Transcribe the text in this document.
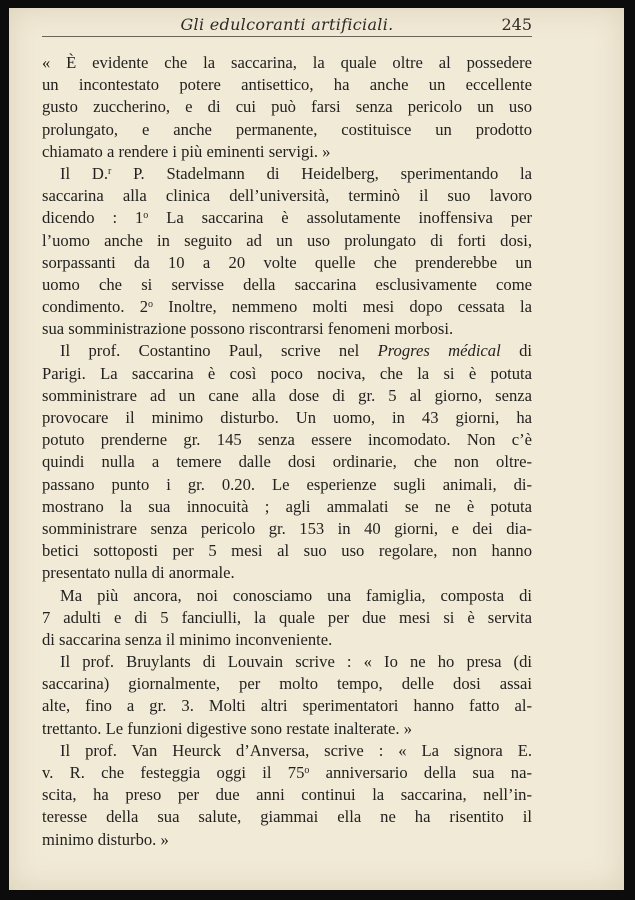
Gli edulcoranti artificiali.	245
« È evidente che la saccarina, la quale oltre al possedere
un incontestato potere antisettico, ha anche un eccellente
gusto zuccherino, e di cui può farsi senza pericolo un uso
prolungato, e anche permanente, costituisce un prodotto
chiamato a rendere i più eminenti servigi. »
Il D.$^r$ P. Stadelmann di Heidelberg, sperimentando la
saccarina alla clinica dell’università, terminò il suo lavoro
dicendo : 1$^o$ La saccarina è assolutamente inoffensiva per
l’uomo anche in seguito ad un uso prolungato di forti dosi,
sorpassanti da 10 a 20 volte quelle che prenderebbe un
uomo che si servisse della saccarina esclusivamente come
condimento. 2$^o$ Inoltre, nemmeno molti mesi dopo cessata la
sua somministrazione possono riscontrarsi fenomeni morbosi.
Il prof. Costantino Paul, scrive nel Progres médical di
Parigi. La saccarina è così poco nociva, che la si è potuta
somministrare ad un cane alla dose di gr. 5 al giorno, senza
provocare il minimo disturbo. Un uomo, in 43 giorni, ha
potuto prenderne gr. 145 senza essere incomodato. Non c’è
quindi nulla a temere dalle dosi ordinarie, che non oltre-
passano punto i gr. 0.20. Le esperienze sugli animali, di-
mostrano la sua innocuità ; agli ammalati se ne è potuta
somministrare senza pericolo gr. 153 in 40 giorni, e dei dia-
betici sottoposti per 5 mesi al suo uso regolare, non hanno
presentato nulla di anormale.
Ma più ancora, noi conosciamo una famiglia, composta di
7 adulti e di 5 fanciulli, la quale per due mesi si è servita
di saccarina senza il minimo inconveniente.
Il prof. Bruylants di Louvain scrive : « Io ne ho presa (di
saccarina) giornalmente, per molto tempo, delle dosi assai
alte, fino a gr. 3. Molti altri sperimentatori hanno fatto al-
trettanto. Le funzioni digestive sono restate inalterate. »
Il prof. Van Heurck d’Anversa, scrive : « La signora E.
v. R. che festeggia oggi il 75$^o$ anniversario della sua na-
scita, ha preso per due anni continui la saccarina, nell’in-
teresse della sua salute, giammai ella ne ha risentito il
minimo disturbo. »
